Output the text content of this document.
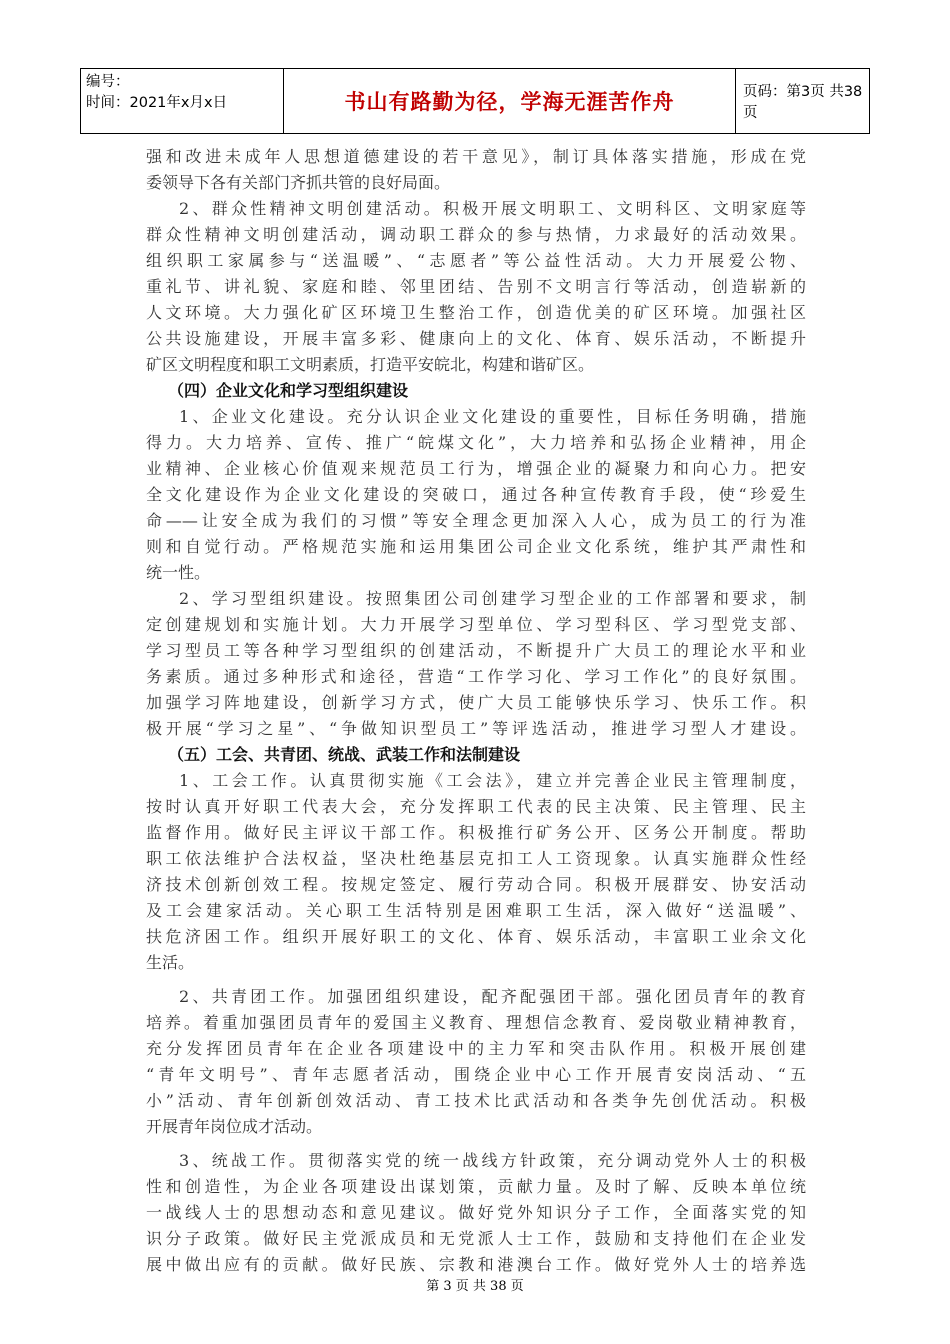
编号：
时间：2021年x月x日	书山有路勤为径，学海无涯苦作舟	页码：第3页 共38页
强和改进未成年人思想道德建设的若干意见》，制订具体落实措施，形成在党
委领导下各有关部门齐抓共管的良好局面。
2、群众性精神文明创建活动。积极开展文明职工、文明科区、文明家庭等
群众性精神文明创建活动，调动职工群众的参与热情，力求最好的活动效果。
组织职工家属参与“送温暖”、“志愿者”等公益性活动。大力开展爱公物、
重礼节、讲礼貌、家庭和睦、邻里团结、告别不文明言行等活动，创造崭新的
人文环境。大力强化矿区环境卫生整治工作，创造优美的矿区环境。加强社区
公共设施建设，开展丰富多彩、健康向上的文化、体育、娱乐活动，不断提升
矿区文明程度和职工文明素质，打造平安皖北，构建和谐矿区。
（四）企业文化和学习型组织建设
1、企业文化建设。充分认识企业文化建设的重要性，目标任务明确，措施
得力。大力培养、宣传、推广“皖煤文化”，大力培养和弘扬企业精神，用企
业精神、企业核心价值观来规范员工行为，增强企业的凝聚力和向心力。把安
全文化建设作为企业文化建设的突破口，通过各种宣传教育手段，使“珍爱生
命——让安全成为我们的习惯”等安全理念更加深入人心，成为员工的行为准
则和自觉行动。严格规范实施和运用集团公司企业文化系统，维护其严肃性和
统一性。
2、学习型组织建设。按照集团公司创建学习型企业的工作部署和要求，制
定创建规划和实施计划。大力开展学习型单位、学习型科区、学习型党支部、
学习型员工等各种学习型组织的创建活动，不断提升广大员工的理论水平和业
务素质。通过多种形式和途径，营造“工作学习化、学习工作化”的良好氛围。
加强学习阵地建设，创新学习方式，使广大员工能够快乐学习、快乐工作。积
极开展“学习之星”、“争做知识型员工”等评选活动，推进学习型人才建设。
（五）工会、共青团、统战、武装工作和法制建设
1、工会工作。认真贯彻实施《工会法》，建立并完善企业民主管理制度，
按时认真开好职工代表大会，充分发挥职工代表的民主决策、民主管理、民主
监督作用。做好民主评议干部工作。积极推行矿务公开、区务公开制度。帮助
职工依法维护合法权益，坚决杜绝基层克扣工人工资现象。认真实施群众性经
济技术创新创效工程。按规定签定、履行劳动合同。积极开展群安、协安活动
及工会建家活动。关心职工生活特别是困难职工生活，深入做好“送温暖”、
扶危济困工作。组织开展好职工的文化、体育、娱乐活动，丰富职工业余文化
生活。
2、共青团工作。加强团组织建设，配齐配强团干部。强化团员青年的教育
培养。着重加强团员青年的爱国主义教育、理想信念教育、爱岗敬业精神教育，
充分发挥团员青年在企业各项建设中的主力军和突击队作用。积极开展创建
“青年文明号”、青年志愿者活动，围绕企业中心工作开展青安岗活动、“五
小”活动、青年创新创效活动、青工技术比武活动和各类争先创优活动。积极
开展青年岗位成才活动。
3、统战工作。贯彻落实党的统一战线方针政策，充分调动党外人士的积极
性和创造性，为企业各项建设出谋划策，贡献力量。及时了解、反映本单位统
一战线人士的思想动态和意见建议。做好党外知识分子工作，全面落实党的知
识分子政策。做好民主党派成员和无党派人士工作，鼓励和支持他们在企业发
展中做出应有的贡献。做好民族、宗教和港澳台工作。做好党外人士的培养选
第 3 页 共 38 页
